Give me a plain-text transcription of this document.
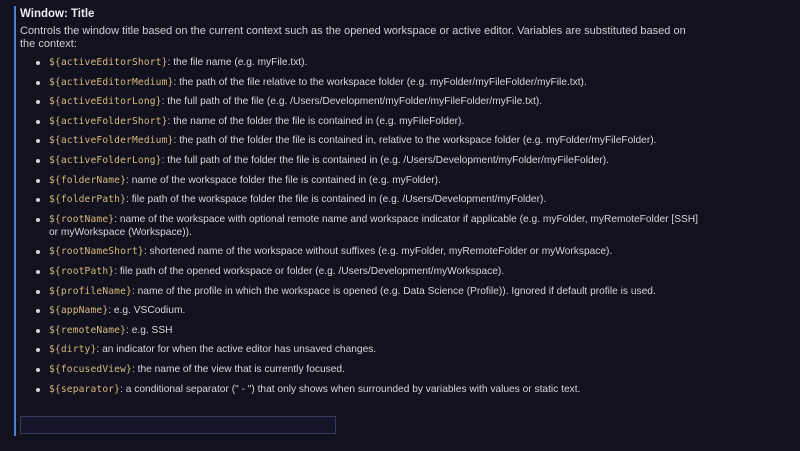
Window: Title
Controls the window title based on the current context such as the opened workspace or active editor. Variables are substituted based on the context:
${activeEditorShort}: the file name (e.g. myFile.txt).
${activeEditorMedium}: the path of the file relative to the workspace folder (e.g. myFolder/myFileFolder/myFile.txt).
${activeEditorLong}: the full path of the file (e.g. /Users/Development/myFolder/myFileFolder/myFile.txt).
${activeFolderShort}: the name of the folder the file is contained in (e.g. myFileFolder).
${activeFolderMedium}: the path of the folder the file is contained in, relative to the workspace folder (e.g. myFolder/myFileFolder).
${activeFolderLong}: the full path of the folder the file is contained in (e.g. /Users/Development/myFolder/myFileFolder).
${folderName}: name of the workspace folder the file is contained in (e.g. myFolder).
${folderPath}: file path of the workspace folder the file is contained in (e.g. /Users/Development/myFolder).
${rootName}: name of the workspace with optional remote name and workspace indicator if applicable (e.g. myFolder, myRemoteFolder [SSH] or myWorkspace (Workspace)).
${rootNameShort}: shortened name of the workspace without suffixes (e.g. myFolder, myRemoteFolder or myWorkspace).
${rootPath}: file path of the opened workspace or folder (e.g. /Users/Development/myWorkspace).
${profileName}: name of the profile in which the workspace is opened (e.g. Data Science (Profile)). Ignored if default profile is used.
${appName}: e.g. VSCodium.
${remoteName}: e.g. SSH
${dirty}: an indicator for when the active editor has unsaved changes.
${focusedView}: the name of the view that is currently focused.
${separator}: a conditional separator (" - ") that only shows when surrounded by variables with values or static text.
